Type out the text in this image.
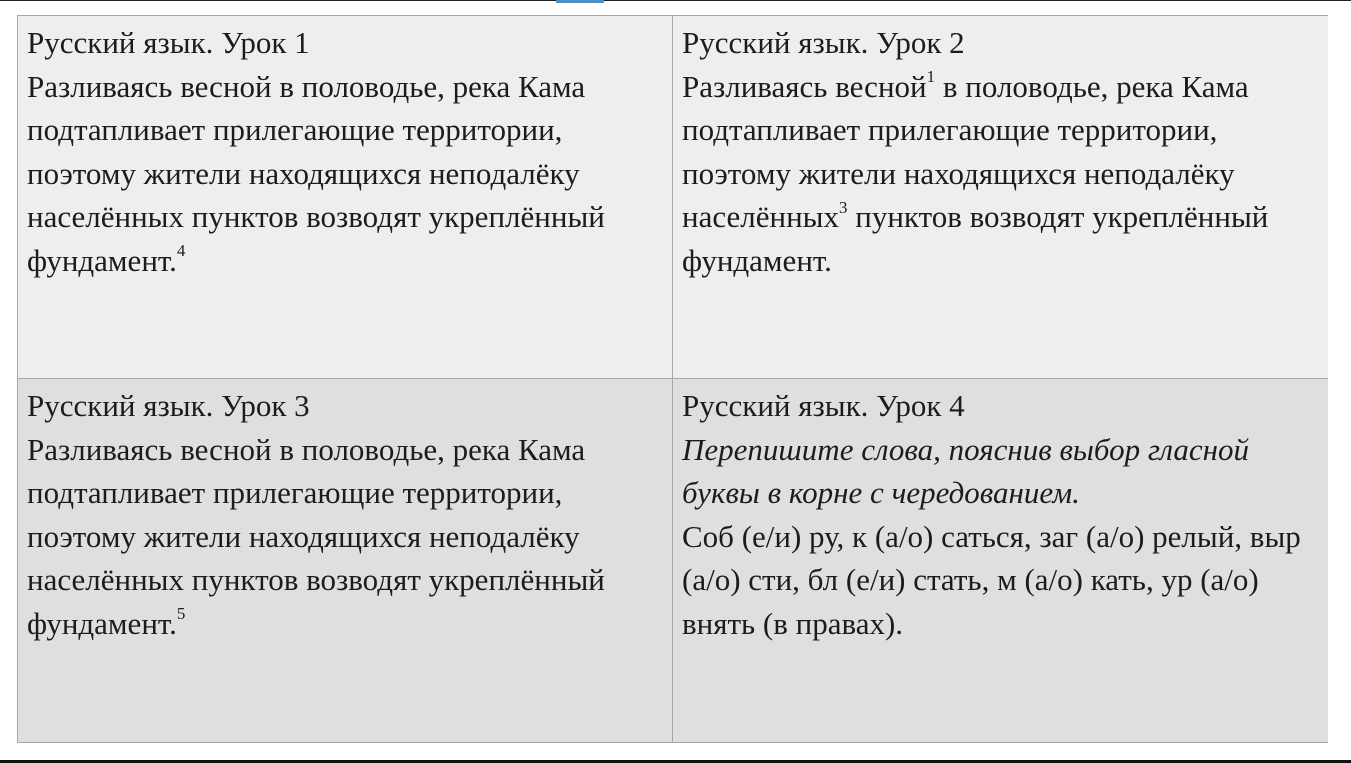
Русский язык. Урок 1
Разливаясь весной в половодье, река Кама подтапливает прилегающие территории, поэтому жители находящихся неподалёку населённых пунктов возводят укреплённый фундамент.$^4$
Русский язык. Урок 2
Разливаясь весной$^1$ в половодье, река Кама подтапливает прилегающие территории, поэтому жители находящихся неподалёку населённых$^3$ пунктов возводят укреплённый фундамент.
Русский язык. Урок 3
Разливаясь весной в половодье, река Кама подтапливает прилегающие территории, поэтому жители находящихся неподалёку населённых пунктов возводят укреплённый фундамент.$^5$
Русский язык. Урок 4
Перепишите слова, пояснив выбор гласной буквы в корне с чередованием.
Соб (е/и) ру, к (а/о) саться, заг (а/о) релый, выр (а/о) сти, бл (е/и) стать, м (а/о) кать, ур (а/о) внять (в правах).
